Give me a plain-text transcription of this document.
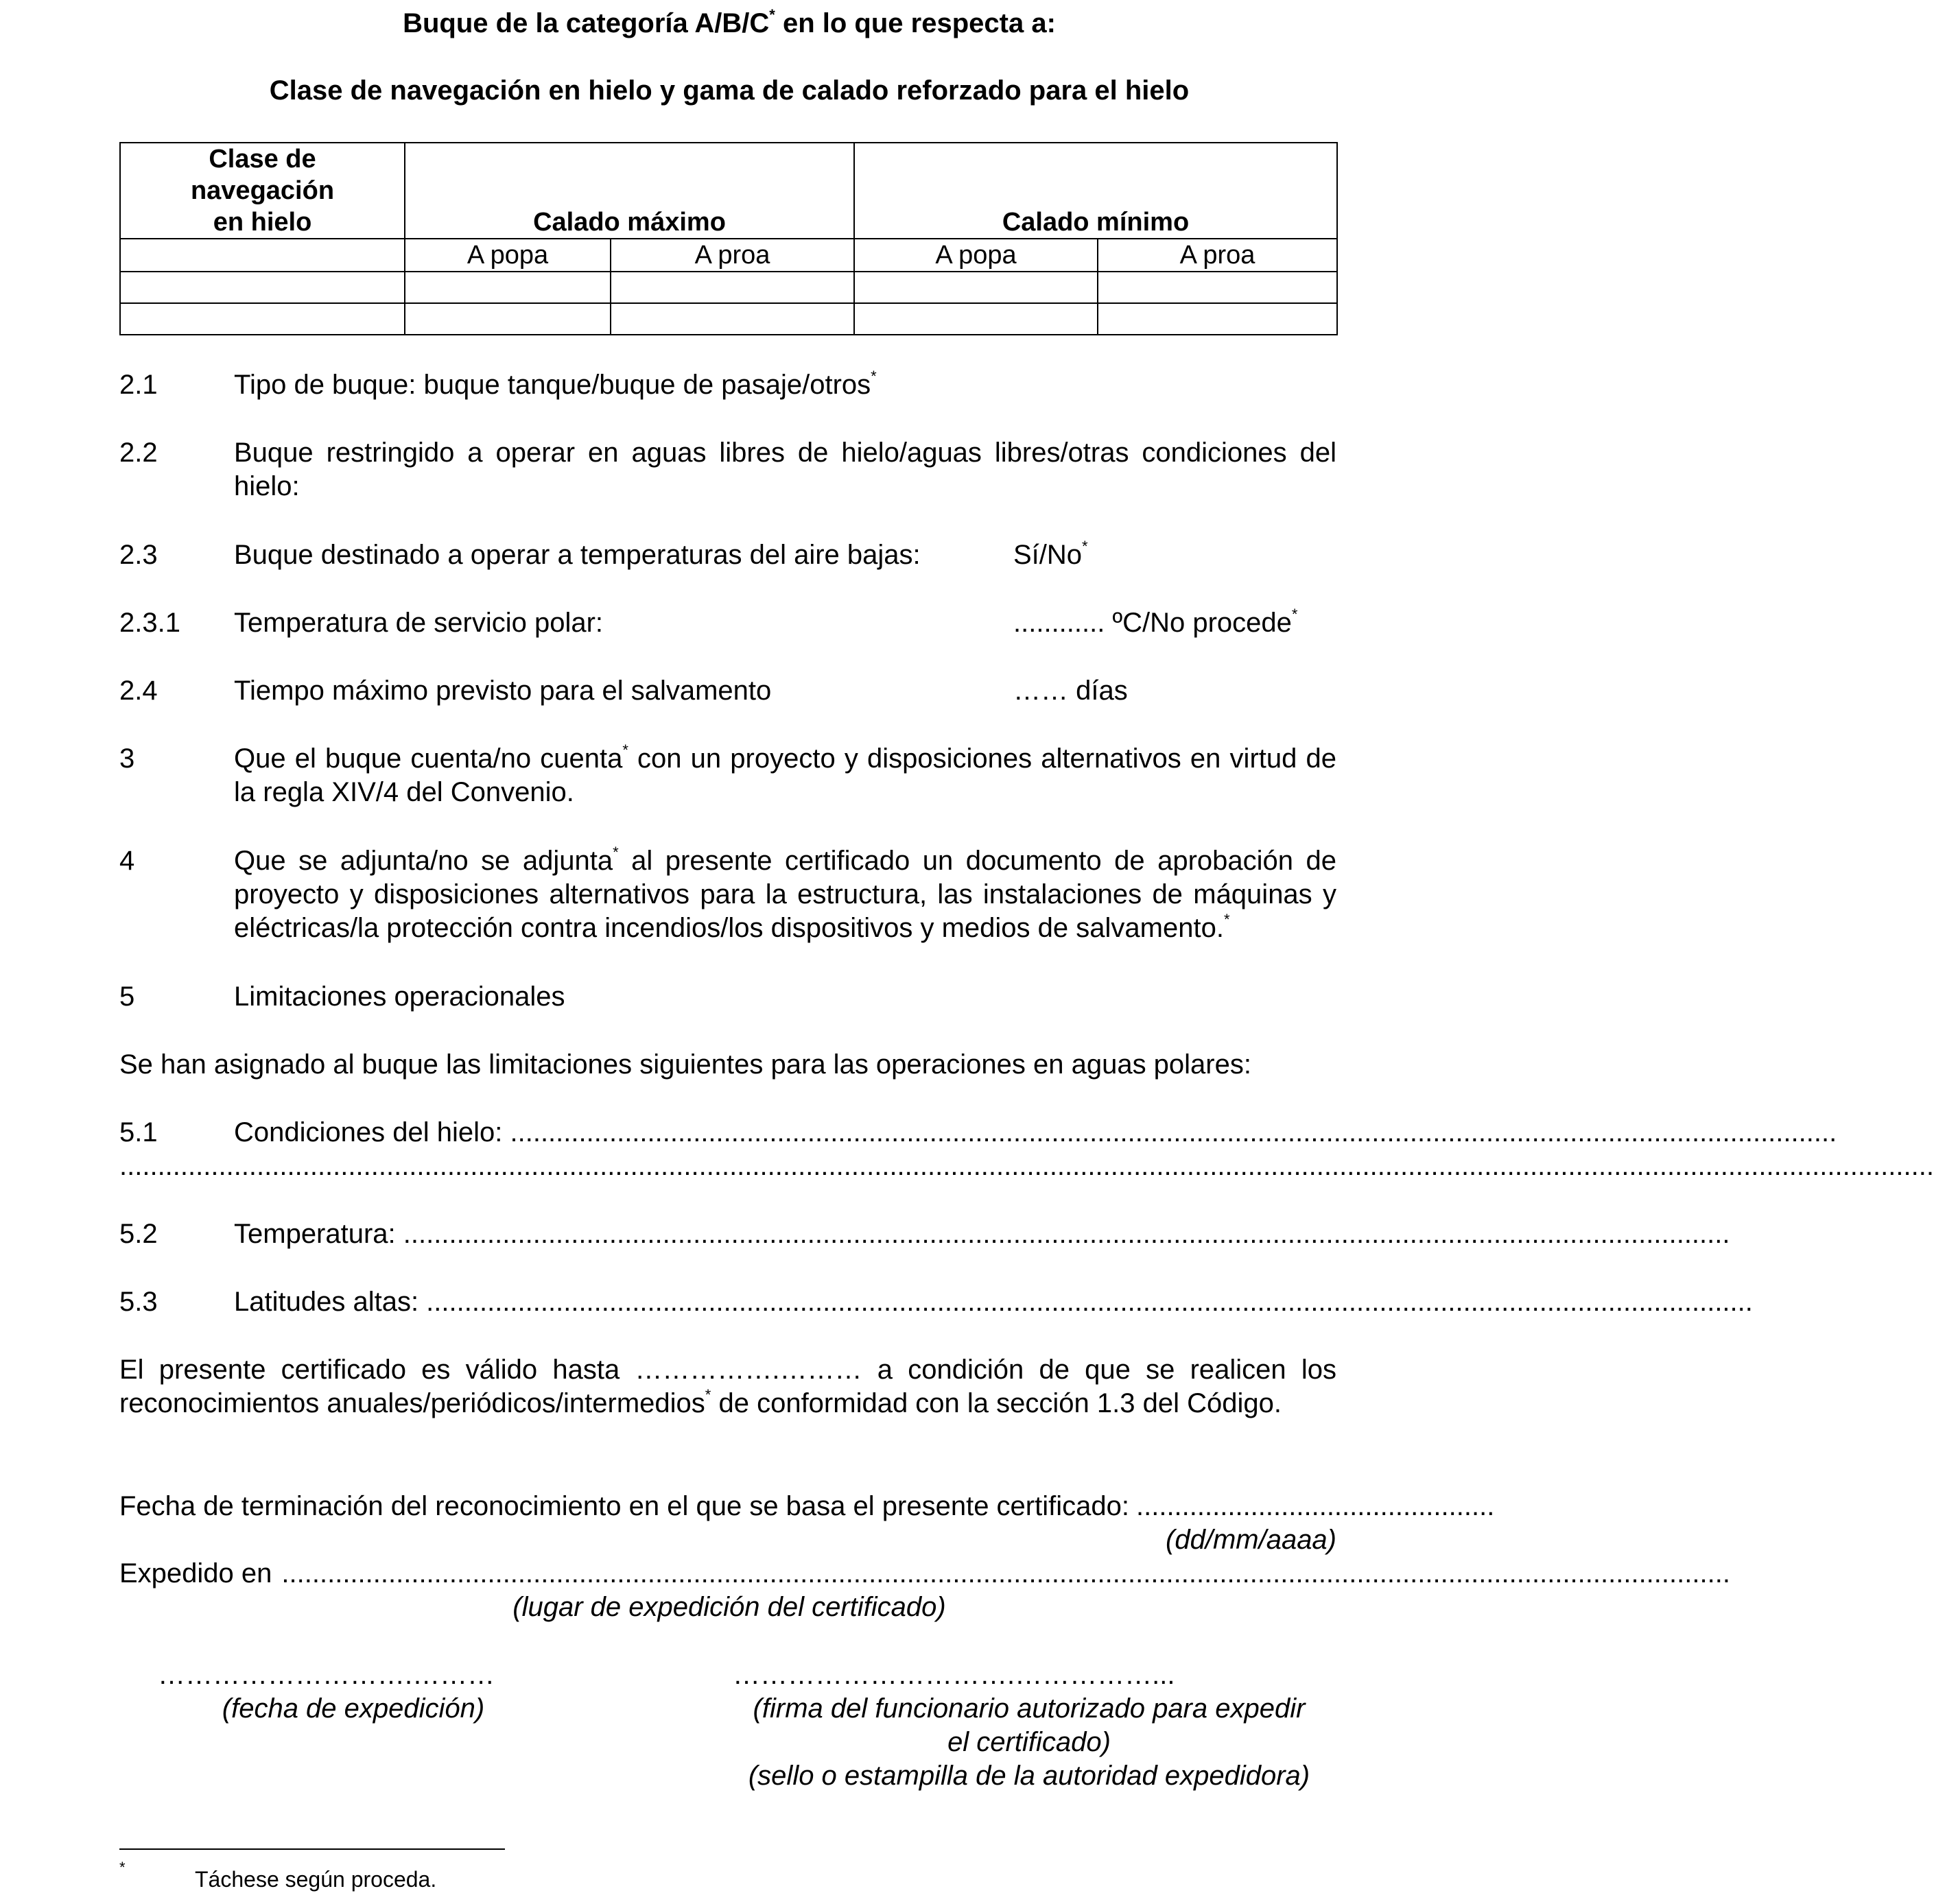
Buque de la categoría A/B/C* en lo que respecta a:
Clase de navegación en hielo y gama de calado reforzado para el hielo
Clase de navegación en hielo	Calado máximo		Calado mínimo	
	A popa	A proa	A popa	A proa

2.1	Tipo de buque: buque tanque/buque de pasaje/otros*
2.2	Buque restringido a operar en aguas libres de hielo/aguas libres/otras condiciones del hielo:
2.3	Buque destinado a operar a temperaturas del aire bajas:	Sí/No*
2.3.1 Temperatura de servicio polar:	............ ºC/No procede*
2.4	Tiempo máximo previsto para el salvamento	…… días
3	Que el buque cuenta/no cuenta* con un proyecto y disposiciones alternativos en virtud de la regla XIV/4 del Convenio.
4	Que se adjunta/no se adjunta* al presente certificado un documento de aprobación de proyecto y disposiciones alternativos para la estructura, las instalaciones de máquinas y eléctricas/la protección contra incendios/los dispositivos y medios de salvamento.*
5	Limitaciones operacionales
Se han asignado al buque las limitaciones siguientes para las operaciones en aguas polares:
5.1	Condiciones del hielo: ..............................................................................................................................................................................
..............................................................................................................................................................................................................................................
5.2	Temperatura: ..............................................................................................................................................................................
5.3	Latitudes altas: ..............................................................................................................................................................................
El presente certificado es válido hasta …………….……… a condición de que se realicen los reconocimientos anuales/periódicos/intermedios* de conformidad con la sección 1.3 del Código.
Fecha de terminación del reconocimiento en el que se basa el presente certificado: ...............................................
(dd/mm/aaaa)
Expedido en ..............................................................................................................................................................................................
(lugar de expedición del certificado)
……………………….………
(fecha de expedición)
………………………….……………...
(firma del funcionario autorizado para expedir
el certificado)
(sello o estampilla de la autoridad expedidora)
*	Táchese según proceda.
